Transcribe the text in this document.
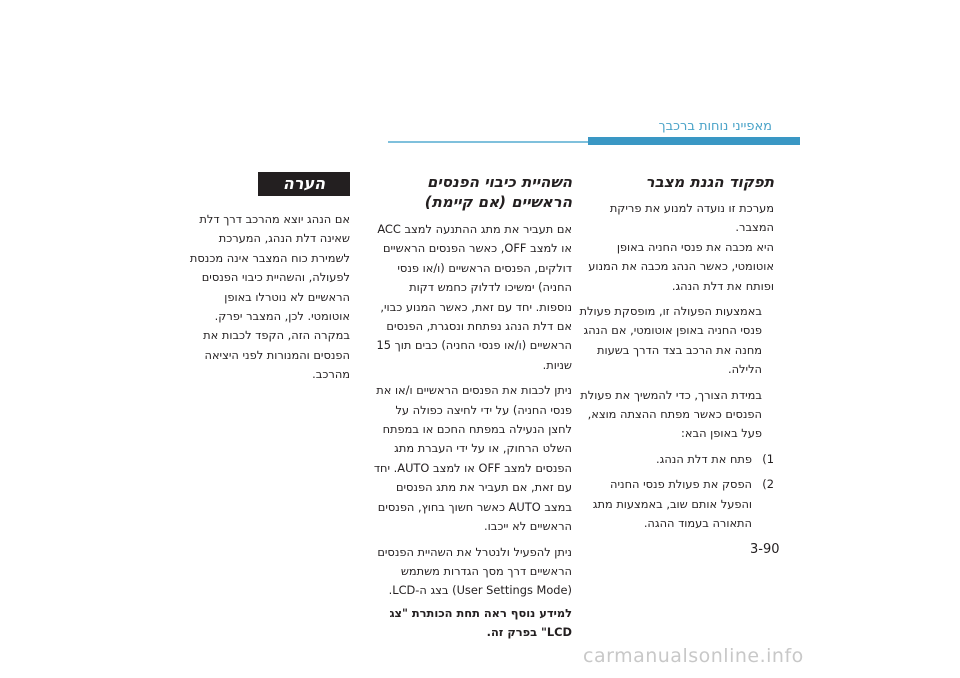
מאפייני נוחות ברכבך
תפקוד הגנת מצבר
מערכת זו נועדה למנוע את פריקת המצבר.
היא מכבה את פנסי החניה באופן אוטומטי, כאשר הנהג מכבה את המנוע ופותח את דלת הנהג.
באמצעות הפעולה זו, מופסקת פעולת פנסי החניה באופן אוטומטי, אם הנהג מחנה את הרכב בצד הדרך בשעות הלילה.
במידת הצורך, כדי להמשיך את פעולת הפנסים כאשר מפתח ההצתה מוצא, פעל באופן הבא:
1)
פתח את דלת הנהג.
2)
הפסק את פעולת פנסי החניה והפעל אותם שוב, באמצעות מתג התאורה בעמוד ההגה.
השהיית כיבוי הפנסים הראשיים (אם קיימת)
אם תעביר את מתג ההתנעה למצב ACC או למצב OFF, כאשר הפנסים הראשיים דולקים, הפנסים הראשיים (ו/או פנסי החניה) ימשיכו לדלוק כחמש דקות נוספות. יחד עם זאת, כאשר המנוע כבוי, אם דלת הנהג נפתחת ונסגרת, הפנסים הראשיים (ו/או פנסי החניה) כבים תוך 15 שניות.
ניתן לכבות את הפנסים הראשיים ו/או את פנסי החניה) על ידי לחיצה כפולה על לחצן הנעילה במפתח החכם או במפתח השלט הרחוק, או על ידי העברת מתג הפנסים למצב OFF או למצב AUTO. יחד עם זאת, אם תעביר את מתג הפנסים במצב AUTO כאשר חשוך בחוץ, הפנסים הראשיים לא ייכבו.
ניתן להפעיל ולנטרל את השהיית הפנסים הראשיים דרך מסך הגדרות משתמש (User Settings Mode) בצג ה-LCD.
למידע נוסף ראה תחת הכותרת "צג LCD" בפרק זה.
הערה
אם הנהג יוצא מהרכב דרך דלת שאינה דלת הנהג, המערכת לשמירת כוח המצבר אינה מכנסת לפעולה, והשהיית כיבוי הפנסים הראשיים לא נוטרלו באופן אוטומטי. לכן, המצבר יפרק. במקרה הזה, הקפד לכבות את הפנסים והמנורות לפני היציאה מהרכב.
3-90
carmanualsonline.info
